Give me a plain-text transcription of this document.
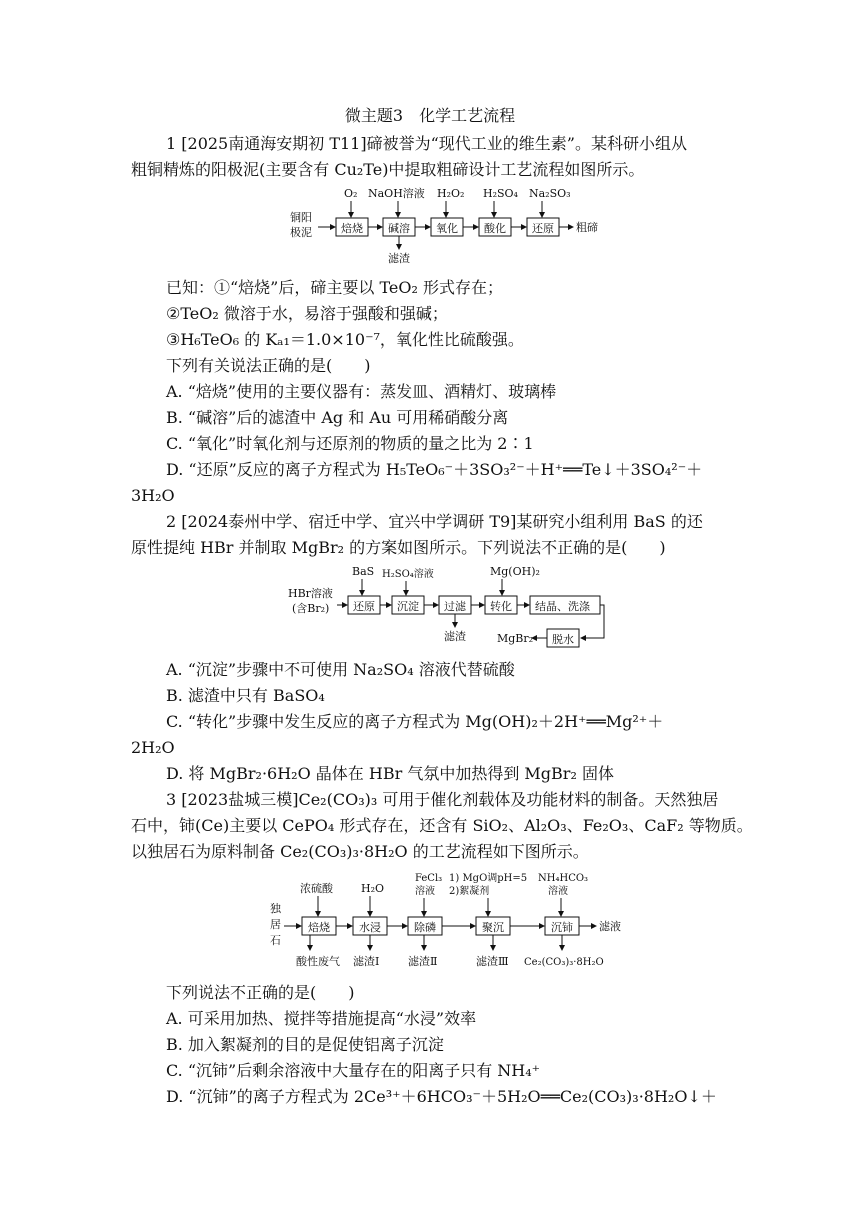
微主题3　化学工艺流程
1 [2025南通海安期初 T11]碲被誉为“现代工业的维生素”。某科研小组从
粗铜精炼的阳极泥(主要含有 Cu₂Te)中提取粗碲设计工艺流程如图所示。
铜阳
极泥
O₂ NaOH溶液 H₂O₂ H₂SO₄ Na₂SO₃
焙烧 碱溶 氧化 酸化 还原 粗碲
滤渣
已知：①“焙烧”后，碲主要以 TeO₂ 形式存在；
②TeO₂ 微溶于水，易溶于强酸和强碱；
③H₆TeO₆ 的 Kₐ₁＝1.0×10⁻⁷，氧化性比硫酸强。
下列有关说法正确的是(　　)
A. “焙烧”使用的主要仪器有：蒸发皿、酒精灯、玻璃棒
B. “碱溶”后的滤渣中 Ag 和 Au 可用稀硝酸分离
C. “氧化”时氧化剂与还原剂的物质的量之比为 2∶1
D. “还原”反应的离子方程式为 H₅TeO₆⁻＋3SO₃²⁻＋H⁺══Te↓＋3SO₄²⁻＋
3H₂O
2 [2024泰州中学、宿迁中学、宜兴中学调研 T9]某研究小组利用 BaS 的还
原性提纯 HBr 并制取 MgBr₂ 的方案如图所示。下列说法不正确的是(　　)
HBr溶液
(含Br₂)
BaS H₂SO₄溶液	Mg(OH)₂
还原 沉淀 过滤 转化 结晶、洗涤
脱水
滤渣	MgBr₂
A. “沉淀”步骤中不可使用 Na₂SO₄ 溶液代替硫酸
B. 滤渣中只有 BaSO₄
C. “转化”步骤中发生反应的离子方程式为 Mg(OH)₂＋2H⁺══Mg²⁺＋
2H₂O
D. 将 MgBr₂·6H₂O 晶体在 HBr 气氛中加热得到 MgBr₂ 固体
3 [2023盐城三模]Ce₂(CO₃)₃ 可用于催化剂载体及功能材料的制备。天然独居
石中，铈(Ce)主要以 CePO₄ 形式存在，还含有 SiO₂、Al₂O₃、Fe₂O₃、CaF₂ 等物质。
以独居石为原料制备 Ce₂(CO₃)₃·8H₂O 的工艺流程如下图所示。
独
居
石
浓硫酸	H₂O
FeCl₃
溶液
1) MgO调pH=5
2)絮凝剂
NH₄HCO₃
溶液
焙烧	水浸	除磷	聚沉	沉铈 滤液
酸性废气 滤渣Ⅰ	滤渣Ⅱ	滤渣Ⅲ Ce₂(CO₃)₃·8H₂O
下列说法不正确的是(　　)
A. 可采用加热、搅拌等措施提高“水浸”效率
B. 加入絮凝剂的目的是促使铝离子沉淀
C. “沉铈”后剩余溶液中大量存在的阳离子只有 NH₄⁺
D. “沉铈”的离子方程式为 2Ce³⁺＋6HCO₃⁻＋5H₂O══Ce₂(CO₃)₃·8H₂O↓＋
